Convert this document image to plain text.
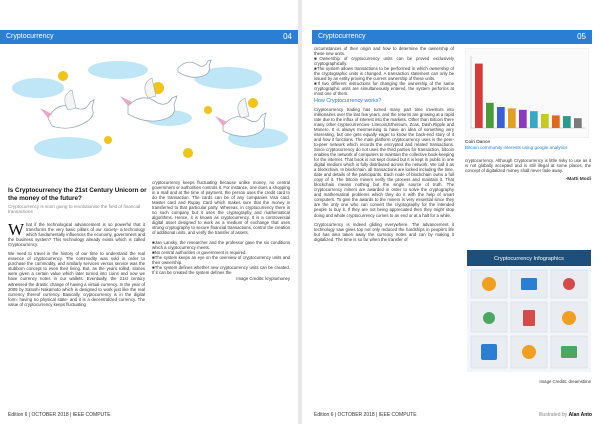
Cryptocurrency	04
Is Cryptocurrency the 21st Century Unicorn or the money of the future?
Cryptocurrency is soon going to revolutionise the field of financial transactions

W hat if the technological advancement is so powerful that it transforms the very basic pillars of our society- a technology which fundamentally influences the economy, government and the business system? This technology already exists which is called Cryptocurrency.

We need to travel in the history of our time to understand the real essence of cryptocurrency. The commodity was sold in order to purchase the commodity, and similarly services versus service was the stubborn concept to even their living. But, as the years rolled, stones were given a certain value which later turned into coins and now we have currency notes in our wallets. Eventually, the 21st century witnessed the drastic change of having a virtual currency. In the year of 2009 by Satoshi Nakamoto which is designed to work just like the real currency thereof currency. Basically, cryptocurrency is in the digital form: having no physical state- and it is a decentralized currency. The value of cryptocurrency keeps fluctuating

cryptocurrency keeps fluctuating because unlike money, no central government or authorities controls it. For instance, one does a shopping in a mall and at the time of payment, the person uses the credit card to do the transaction. The cards can be of any companies Visa card, Master card and Rupay Card which makes sure that the money is transferred to that particular party. Whereas, in cryptocurrency there is no such company but it uses the cryptography and mathematical algorithms. Hence, it is known as cryptocurrency. It is a controversial digital asset designed to work as a medium of exchange that uses strong cryptography to secure financial transactions, control the creation of additional units, and verify the transfer of assets.

■Jan Lansky, the researcher and the professor gave the six conditions which a cryptocurrency meets.
■No central authorities or government is required.
■The system keeps an eye on the overview of cryptocurrency units and their ownership.
■The system defines whether new cryptocurrency units can be created. If it can be created the system defines the
Image Credits: kryptomoney
Edition 6 | OCTOBER 2018 | IEEE COMPUTE
Cryptocurrency	05
circumstances of their origin and how to determine the ownership of these new units.
■Ownership of cryptocurrency units can be proved exclusively cryptographically.
■The system allows transactions to be performed in which ownership of the cryptographic units is changed. A transaction statement can only be issued by an entity proving the current ownership of these units.
■If two different instructions for changing the ownership of the same cryptographic units are simultaneously entered, the system performs at most one of them.
How Cryptocurrency works?

Cryptocurrency trading has turned many part time investors into millionaires over the last few years, and the returns are growing at a rapid rate due to the influx of interest into the markets. Other than Bitcoin there many other cryptocurrencies- Litecoin,Ethereum, Zcas, Dash,Ripple and Monero. It is always mesmerising to have an idea of something very interesting, but one gets equally eager to know the back-end story of it and how it functions. The main platform cryptocurrency uses is the peer-to-peer network which records the encrypted and related transactions. Since cryptocurrency do not uses the third parties for transaction, bitcoin enables the network of computers to maintain the collective book-keeping for the internet. That book is not kept closed but it is kept in public in one digital medium which is fully distributed across the network. We call it as a blockchain. In blockchain, all transactions are locked including the time, date and details of the participants. Each node of blockchain owns a full copy of it. The bitcoin miners verify the process and maintain it. That blockchain means nothing but the single source of truth. The cryptocurrency miners are awarded in order to solve the cryptography and mathematical problems which they do it with the help of smart computers. To give the awards to the miners is very essential since they are the only one who can convert the cryptography for the intended people to buy it. If they are not being appreciated then they might stop doing and whole cryptocurrency comes to an end or at a halt for a while.

Cryptocurrency is indeed gliding everywhere. The advancement it technology saw gives top not only reduced the hardships in people's life but has also taken away the currency notes and can by making it digitalized. The time is so far when the transfer of

Coin Dance
Bitcoin community interests using google analytics

cryptocurrency. Although Cryptocurrency is little risky to use as it is not globally accepted and is still illegal at some places, the concept of digitalized money shall never fade away.

-Matti Modi
Cryptocurrency Infographics
Image Credits: dreamstime
Edition 6 | OCTOBER 2018 | IEEE COMPUTE	Illustrated by Alan Anto
